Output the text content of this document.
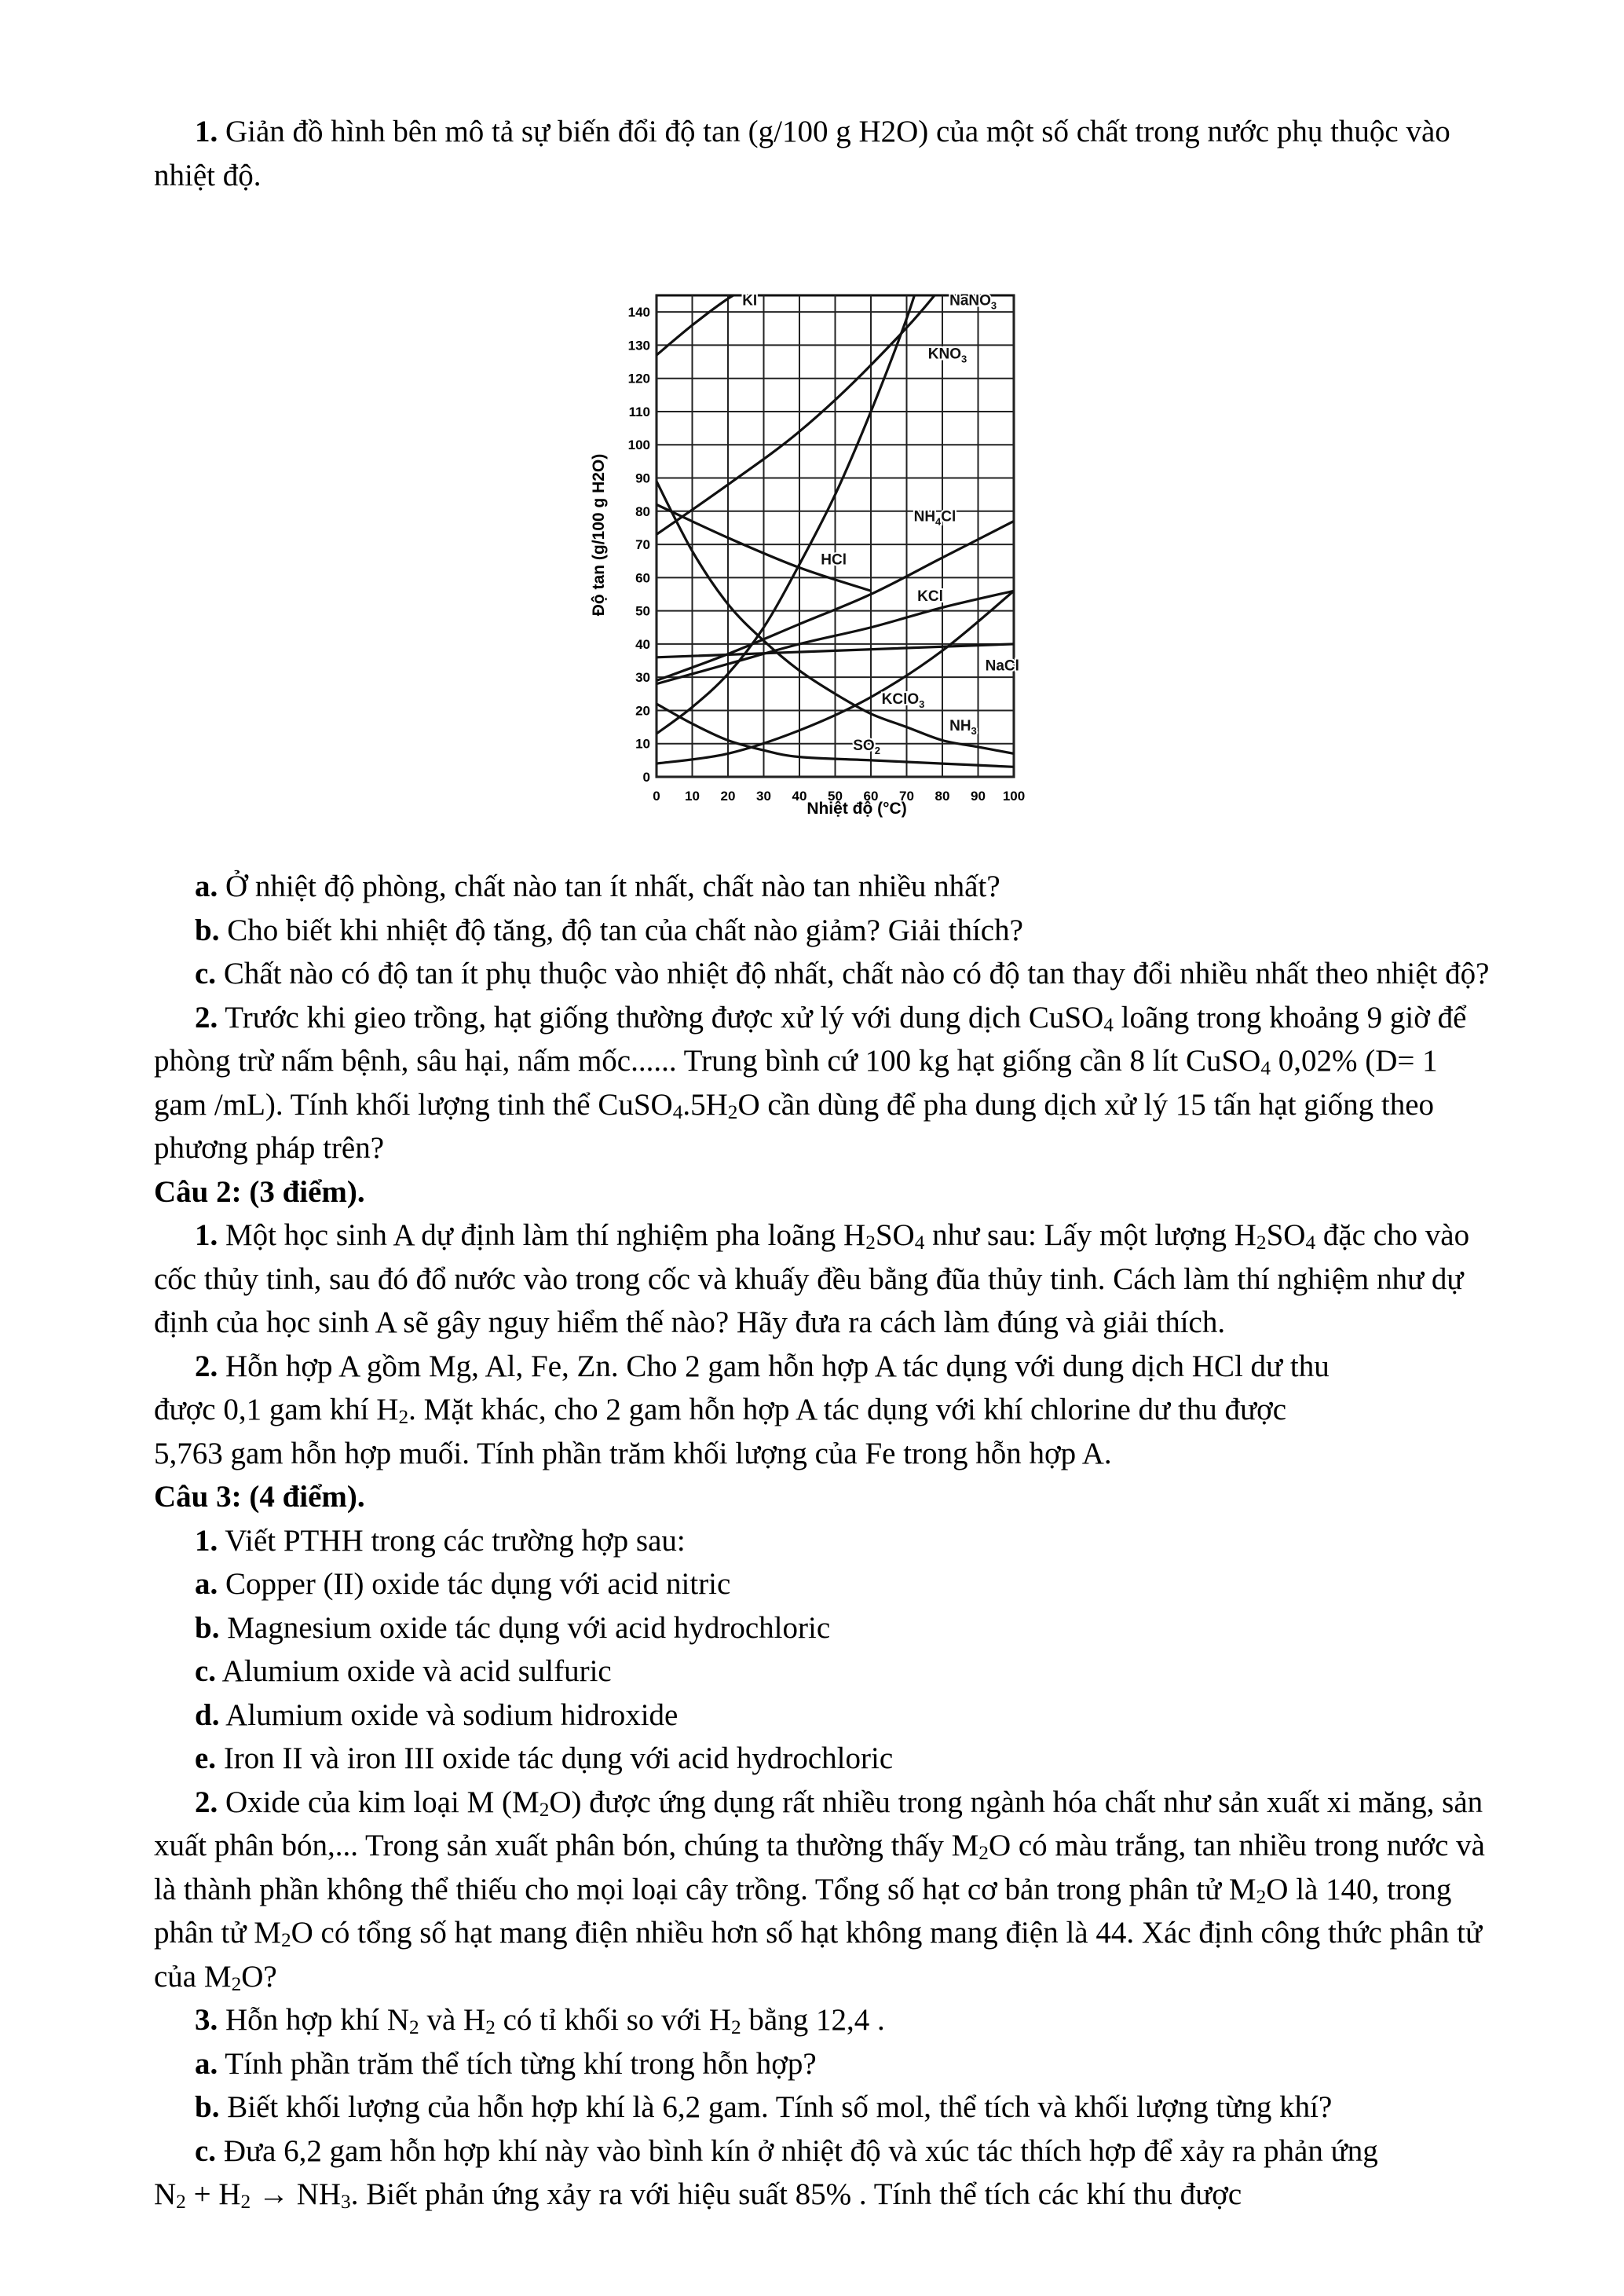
1. Giản đồ hình bên mô tả sự biến đổi độ tan (g/100 g H2O) của một số chất trong nước phụ thuộc vào nhiệt độ.

0 10 20 30 40 50 60 70 80 90 100
0
10
20
30
40
50
60
70
80
90
100
110
120
130
140
KI	NaNO$_3$
$KNO_3$
$NH_4Cl$
HCl
KCl
NaCl
KClO$_3$
$NH_3$
$SO_2$
Độ tan (g/100 g H2O)
Nhiệt độ (°C)

a. Ở nhiệt độ phòng, chất nào tan ít nhất, chất nào tan nhiều nhất?

b. Cho biết khi nhiệt độ tăng, độ tan của chất nào giảm? Giải thích?

c. Chất nào có độ tan ít phụ thuộc vào nhiệt độ nhất, chất nào có độ tan thay đổi nhiều nhất theo nhiệt độ?

2. Trước khi gieo trồng, hạt giống thường được xử lý với dung dịch CuSO$_4$ loãng trong khoảng 9 giờ để phòng trừ nấm bệnh, sâu hại, nấm mốc...... Trung bình cứ 100 kg hạt giống cần 8 lít CuSO$_4$ 0,02% (D= 1 gam /mL). Tính khối lượng tinh thể $CuSO_4.5H_2O$ cần dùng để pha dung dịch xử lý 15 tấn hạt giống theo phương pháp trên?

Câu 2: (3 điểm).

1. Một học sinh A dự định làm thí nghiệm pha loãng $H_2SO_4$ như sau: Lấy một lượng $H_2SO_4$ đặc cho vào cốc thủy tinh, sau đó đổ nước vào trong cốc và khuấy đều bằng đũa thủy tinh. Cách làm thí nghiệm như dự định của học sinh A sẽ gây nguy hiểm thế nào? Hãy đưa ra cách làm đúng và giải thích.

2. Hỗn hợp A gồm Mg, Al, Fe, Zn. Cho 2 gam hỗn hợp A tác dụng với dung dịch HCl dư thu

được 0,1 gam khí $H_2$. Mặt khác, cho 2 gam hỗn hợp A tác dụng với khí chlorine dư thu được

5,763 gam hỗn hợp muối. Tính phần trăm khối lượng của Fe trong hỗn hợp A.

Câu 3: (4 điểm).

1. Viết PTHH trong các trường hợp sau:

a. Copper (II) oxide tác dụng với acid nitric

b. Magnesium oxide tác dụng với acid hydrochloric

c. Alumium oxide và acid sulfuric

d. Alumium oxide và sodium hidroxide

e. Iron II và iron III oxide tác dụng với acid hydrochloric

2. Oxide của kim loại M $(M_2O)$ được ứng dụng rất nhiều trong ngành hóa chất như sản xuất xi măng, sản xuất phân bón,... Trong sản xuất phân bón, chúng ta thường thấy $M_2O$ có màu trắng, tan nhiều trong nước và là thành phần không thể thiếu cho mọi loại cây trồng. Tổng số hạt cơ bản trong phân tử $M_2O$ là 140, trong phân tử $M_2O$ có tổng số hạt mang điện nhiều hơn số hạt không mang điện là 44. Xác định công thức phân tử của $M_2O$?

3. Hỗn hợp khí $N_2$ và $H_2$ có tỉ khối so với $H_2$ bằng 12,4 .

a. Tính phần trăm thể tích từng khí trong hỗn hợp?

b. Biết khối lượng của hỗn hợp khí là 6,2 gam. Tính số mol, thể tích và khối lượng từng khí?

c. Đưa 6,2 gam hỗn hợp khí này vào bình kín ở nhiệt độ và xúc tác thích hợp để xảy ra phản ứng

$N_2 + H_2 \to NH_3$. Biết phản ứng xảy ra với hiệu suất 85% . Tính thể tích các khí thu được
